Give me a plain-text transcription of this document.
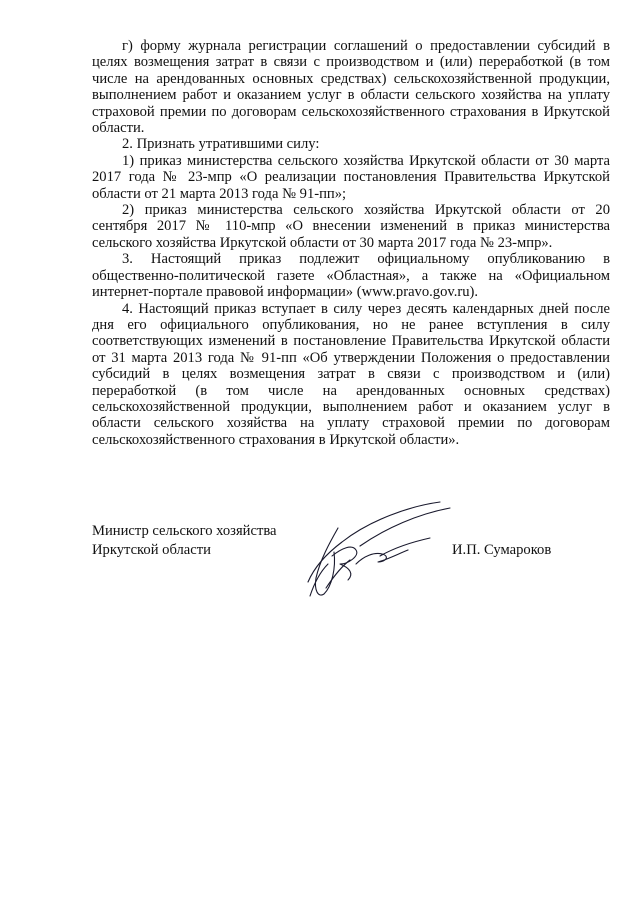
г) форму журнала регистрации соглашений о предоставлении субсидий в целях возмещения затрат в связи с производством и (или) переработкой (в том числе на арендованных основных средствах) сельскохозяйственной продукции, выполнением работ и оказанием услуг в области сельского хозяйства на уплату страховой премии по договорам сельскохозяйственного страхования в Иркутской области.

2. Признать утратившими силу:

1) приказ министерства сельского хозяйства Иркутской области от 30 марта 2017 года № 23-мпр «О реализации постановления Правительства Иркутской области от 21 марта 2013 года № 91-пп»;

2) приказ министерства сельского хозяйства Иркутской области от 20 сентября 2017 № 110-мпр «О внесении изменений в приказ министерства сельского хозяйства Иркутской области от 30 марта 2017 года № 23-мпр».

3. Настоящий приказ подлежит официальному опубликованию в общественно-политической газете «Областная», а также на «Официальном интернет-портале правовой информации» (www.pravo.gov.ru).

4. Настоящий приказ вступает в силу через десять календарных дней после дня его официального опубликования, но не ранее вступления в силу соответствующих изменений в постановление Правительства Иркутской области от 31 марта 2013 года № 91-пп «Об утверждении Положения о предоставлении субсидий в целях возмещения затрат в связи с производством и (или) переработкой (в том числе на арендованных основных средствах) сельскохозяйственной продукции, выполнением работ и оказанием услуг в области сельского хозяйства на уплату страховой премии по договорам сельскохозяйственного страхования в Иркутской области».

Министр сельского хозяйства
Иркутской области	И.П. Сумароков
